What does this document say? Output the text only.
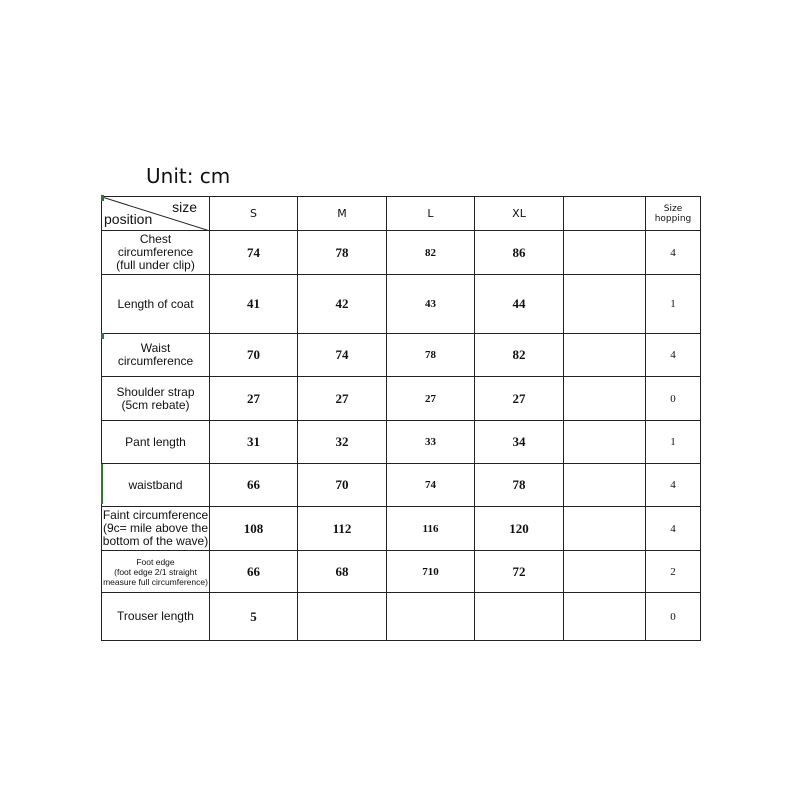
Unit: cm
size
position	S	M	L	XL		Size hopping
Chest circumference
(full under clip)	74	78	82	86		4
Length of coat	41	42	43	44		1
Waist circumference	70	74	78	82		4
Shoulder strap
(5cm rebate)	27	27	27	27		0
Pant length	31	32	33	34		1
waistband	66	70	74	78		4
Faint circumference
(9c= mile above the
bottom of the wave)	108	112	116	120		4
Foot edge
(foot edge 2/1 straight
measure full circumference)	66	68	710	72		2
Trouser length	5					0
